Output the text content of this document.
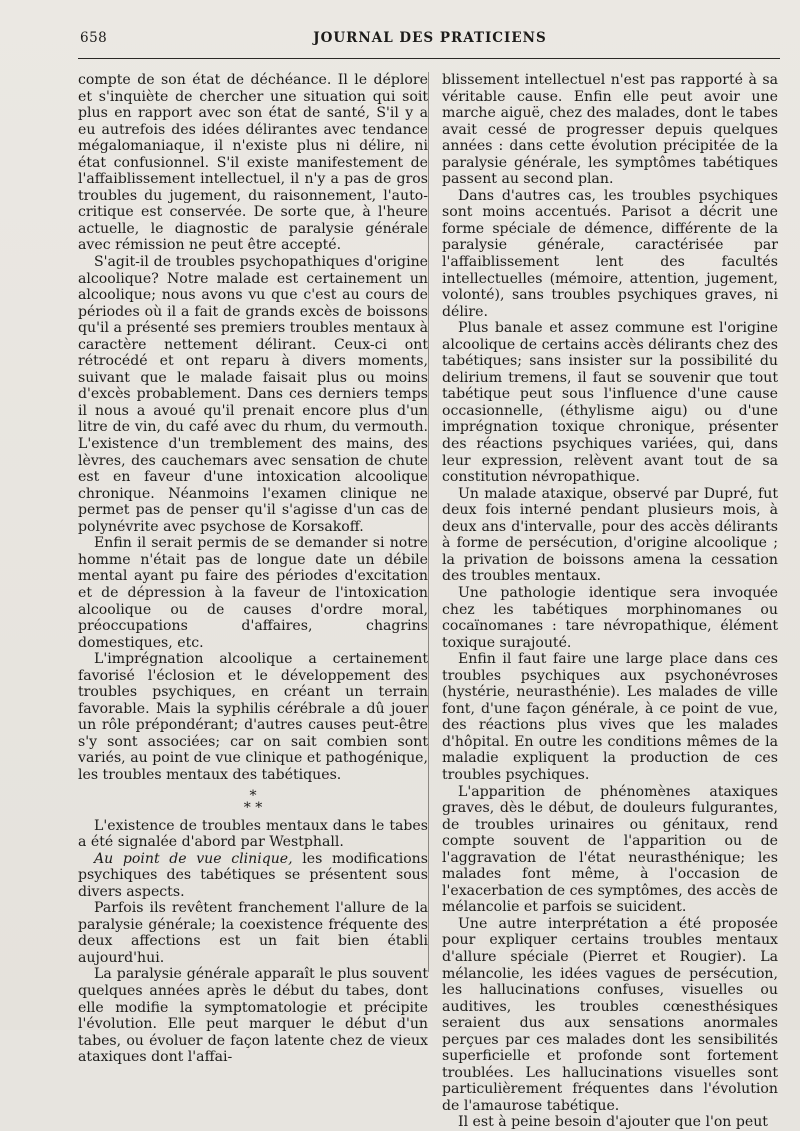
658	JOURNAL DES PRATICIENS

compte de son état de déchéance. Il le déplore et s'inquiète de chercher une situation qui soit plus en rapport avec son état de santé, S'il y a eu autrefois des idées délirantes avec tendance mégalomaniaque, il n'existe plus ni délire, ni état confusionnel. S'il existe manifestement de l'affaiblissement intellectuel, il n'y a pas de gros troubles du jugement, du raisonnement, l'auto-critique est conservée. De sorte que, à l'heure actuelle, le diagnostic de paralysie générale avec rémission ne peut être accepté.

S'agit-il de troubles psychopathiques d'origine alcoolique? Notre malade est certainement un alcoolique; nous avons vu que c'est au cours de périodes où il a fait de grands excès de boissons qu'il a présenté ses premiers troubles mentaux à caractère nettement délirant. Ceux-ci ont rétrocédé et ont reparu à divers moments, suivant que le malade faisait plus ou moins d'excès probablement. Dans ces derniers temps il nous a avoué qu'il prenait encore plus d'un litre de vin, du café avec du rhum, du vermouth. L'existence d'un tremblement des mains, des lèvres, des cauchemars avec sensation de chute est en faveur d'une intoxication alcoolique chronique. Néanmoins l'examen clinique ne permet pas de penser qu'il s'agisse d'un cas de polynévrite avec psychose de Korsakoff.

Enfin il serait permis de se demander si notre homme n'était pas de longue date un débile mental ayant pu faire des périodes d'excitation et de dépression à la faveur de l'intoxication alcoolique ou de causes d'ordre moral, préoccupations d'affaires, chagrins domestiques, etc.

L'imprégnation alcoolique a certainement favorisé l'éclosion et le développement des troubles psychiques, en créant un terrain favorable. Mais la syphilis cérébrale a dû jouer un rôle prépondérant; d'autres causes peut-être s'y sont associées; car on sait combien sont variés, au point de vue clinique et pathogénique, les troubles mentaux des tabétiques.

*
* *

L'existence de troubles mentaux dans le tabes a été signalée d'abord par Westphall.

Au point de vue clinique, les modifications psychiques des tabétiques se présentent sous divers aspects.

Parfois ils revêtent franchement l'allure de la paralysie générale; la coexistence fréquente des deux affections est un fait bien établi aujourd'hui.

La paralysie générale apparaît le plus souvent quelques années après le début du tabes, dont elle modifie la symptomatologie et précipite l'évolution. Elle peut marquer le début d'un tabes, ou évoluer de façon latente chez de vieux ataxiques dont l'affai-

blissement intellectuel n'est pas rapporté à sa véritable cause. Enfin elle peut avoir une marche aiguë, chez des malades, dont le tabes avait cessé de progresser depuis quelques années : dans cette évolution précipitée de la paralysie générale, les symptômes tabétiques passent au second plan.

Dans d'autres cas, les troubles psychiques sont moins accentués. Parisot a décrit une forme spéciale de démence, différente de la paralysie générale, caractérisée par l'affaiblissement lent des facultés intellectuelles (mémoire, attention, jugement, volonté), sans troubles psychiques graves, ni délire.

Plus banale et assez commune est l'origine alcoolique de certains accès délirants chez des tabétiques; sans insister sur la possibilité du delirium tremens, il faut se souvenir que tout tabétique peut sous l'influence d'une cause occasionnelle, (éthylisme aigu) ou d'une imprégnation toxique chronique, présenter des réactions psychiques variées, qui, dans leur expression, relèvent avant tout de sa constitution névropathique.

Un malade ataxique, observé par Dupré, fut deux fois interné pendant plusieurs mois, à deux ans d'intervalle, pour des accès délirants à forme de persécution, d'origine alcoolique ; la privation de boissons amena la cessation des troubles mentaux.

Une pathologie identique sera invoquée chez les tabétiques morphinomanes ou cocaïnomanes : tare névropathique, élément toxique surajouté.

Enfin il faut faire une large place dans ces troubles psychiques aux psychonévroses (hystérie, neurasthénie). Les malades de ville font, d'une façon générale, à ce point de vue, des réactions plus vives que les malades d'hôpital. En outre les conditions mêmes de la maladie expliquent la production de ces troubles psychiques.

L'apparition de phénomènes ataxiques graves, dès le début, de douleurs fulgurantes, de troubles urinaires ou génitaux, rend compte souvent de l'apparition ou de l'aggravation de l'état neurasthénique; les malades font même, à l'occasion de l'exacerbation de ces symptômes, des accès de mélancolie et parfois se suicident.

Une autre interprétation a été proposée pour expliquer certains troubles mentaux d'allure spéciale (Pierret et Rougier). La mélancolie, les idées vagues de persécution, les hallucinations confuses, visuelles ou auditives, les troubles cœnesthésiques seraient dus aux sensations anormales perçues par ces malades dont les sensibilités superficielle et profonde sont fortement troublées. Les hallucinations visuelles sont particulièrement fréquentes dans l'évolution de l'amaurose tabétique.

Il est à peine besoin d'ajouter que l'on peut
